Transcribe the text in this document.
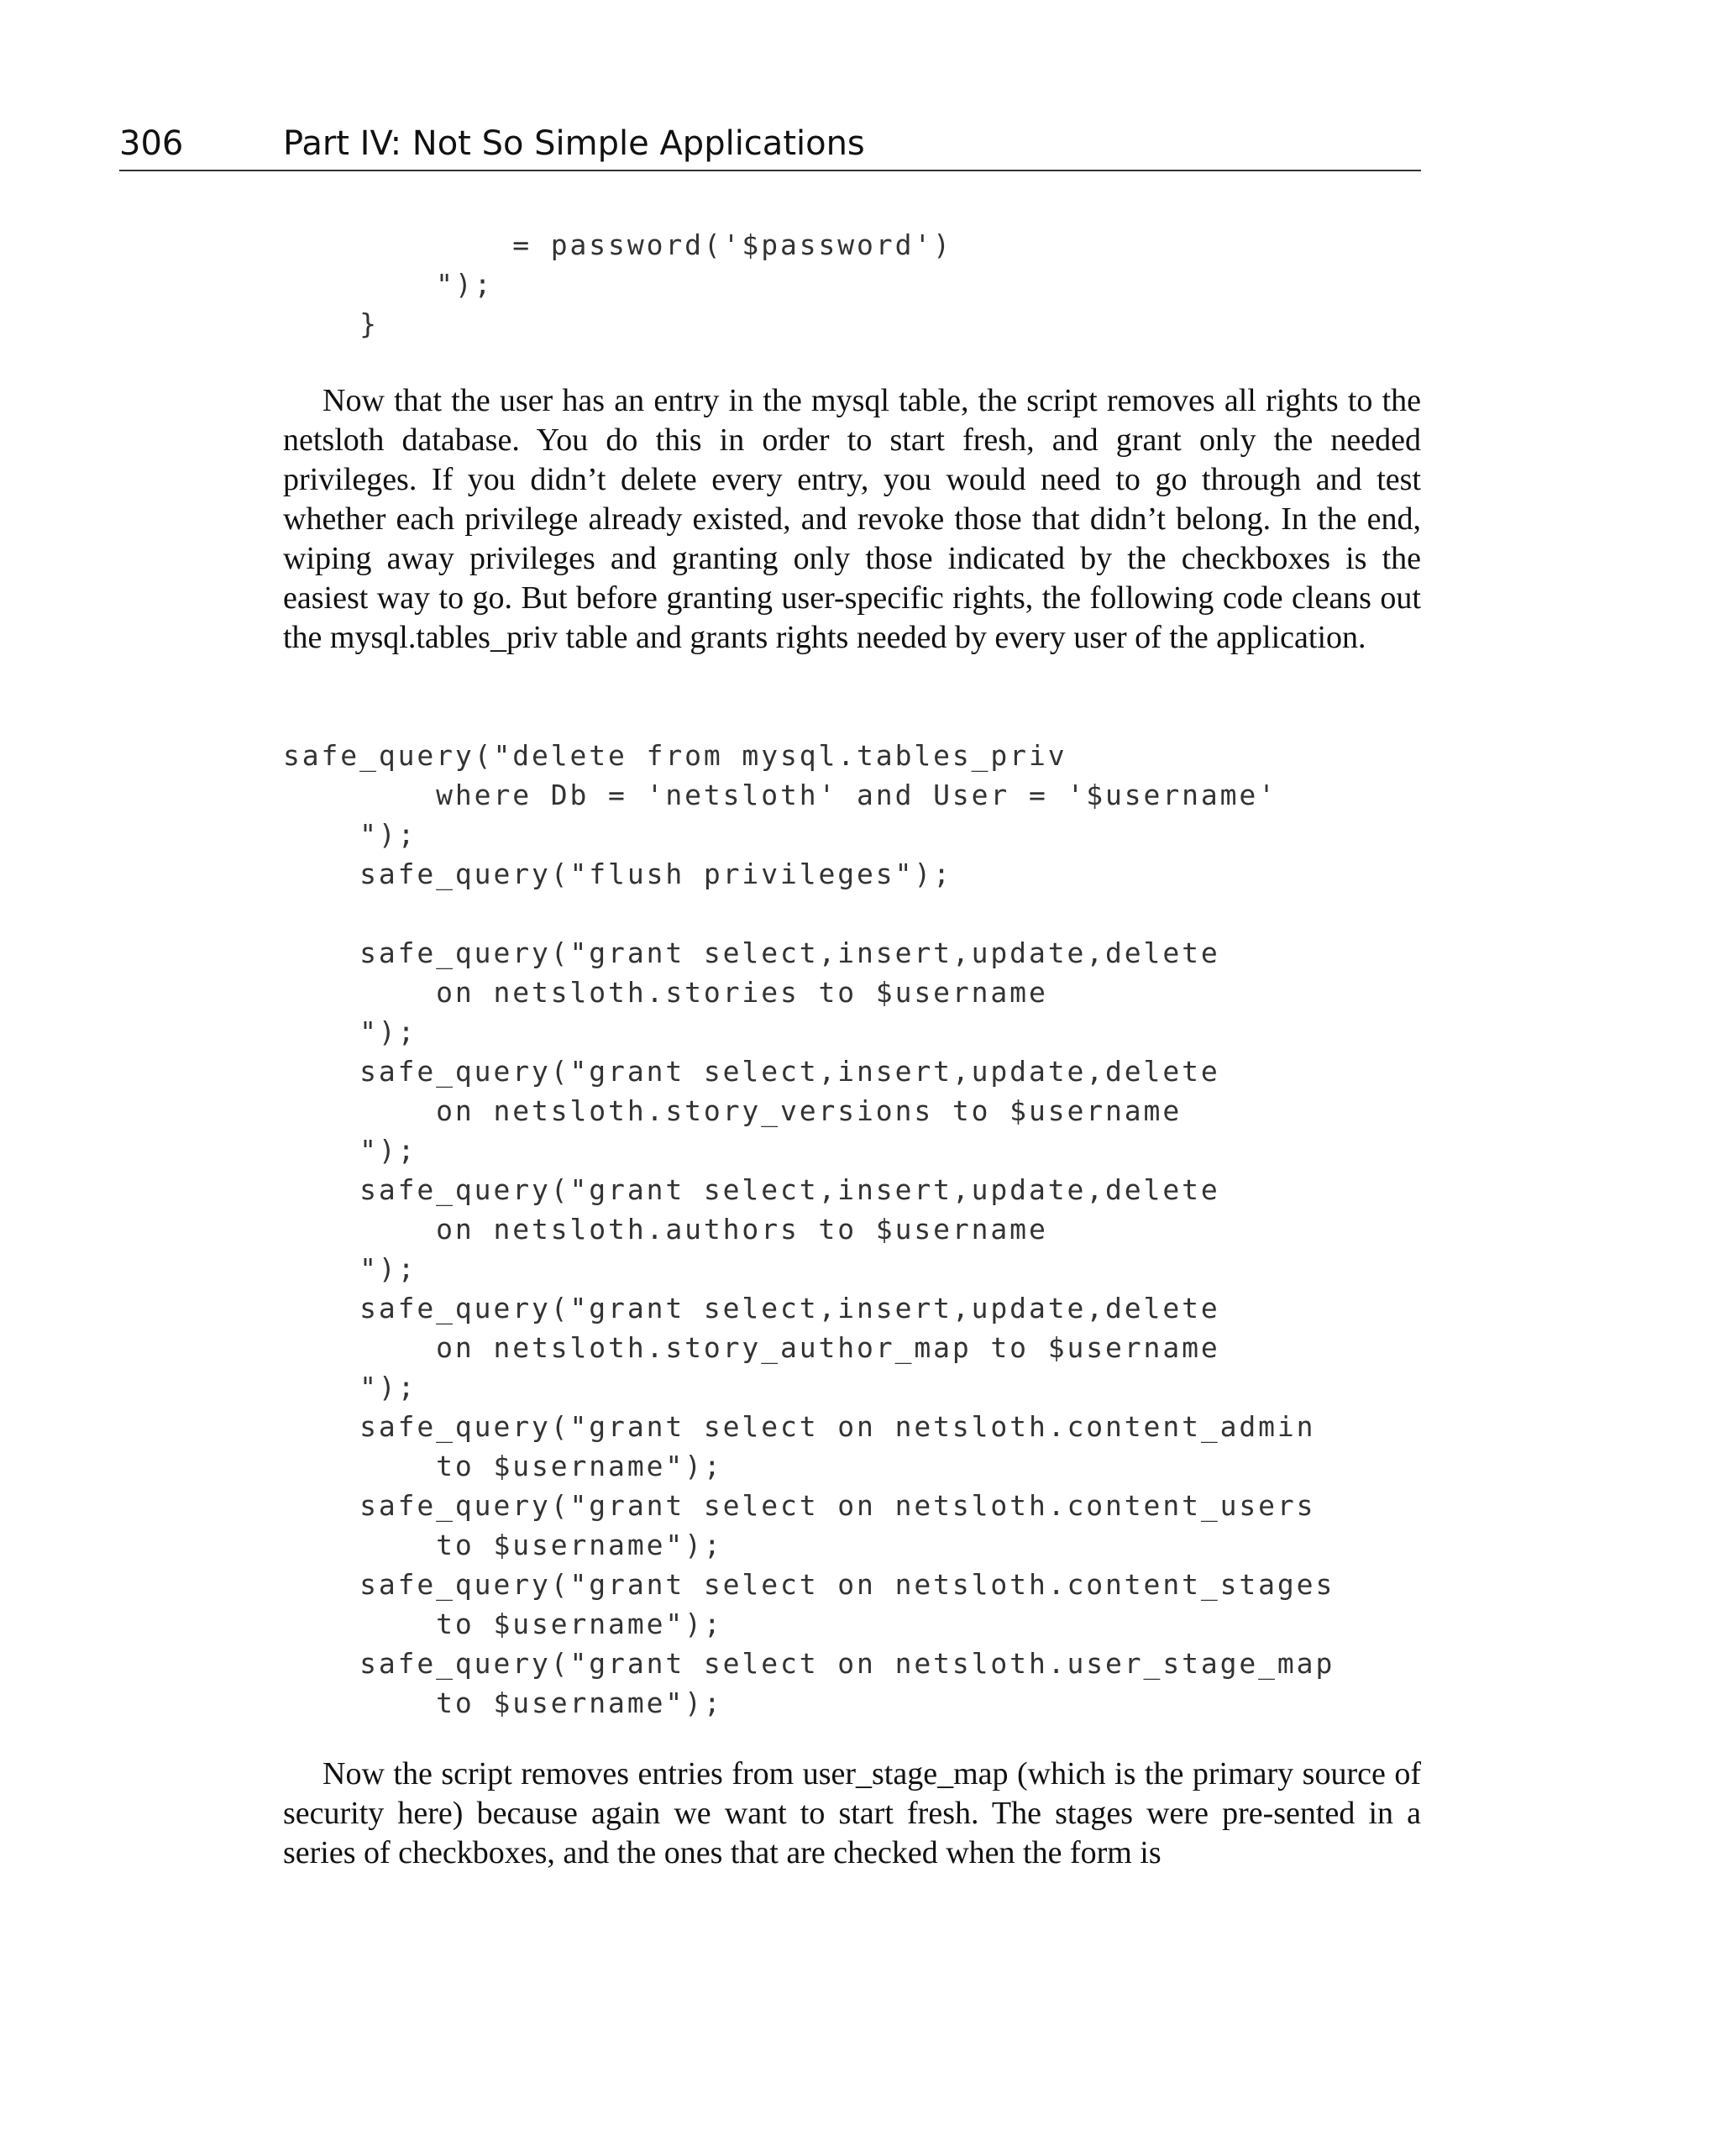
306	Part IV: Not So Simple Applications
= password('$password')
");
}

Now that the user has an entry in the mysql table, the script removes all rights to the netsloth database. You do this in order to start fresh, and grant only the needed privileges. If you didn’t delete every entry, you would need to go through and test whether each privilege already existed, and revoke those that didn’t belong. In the end, wiping away privileges and granting only those indicated by the checkboxes is the easiest way to go. But before granting user-specific rights, the following code cleans out the mysql.tables_priv table and grants rights needed by every user of the application.

safe_query("delete from mysql.tables_priv
where Db = 'netsloth' and User = '$username'
");
safe_query("flush privileges");

safe_query("grant select,insert,update,delete
on netsloth.stories to $username
");
safe_query("grant select,insert,update,delete
on netsloth.story_versions to $username
");
safe_query("grant select,insert,update,delete
on netsloth.authors to $username
");
safe_query("grant select,insert,update,delete
on netsloth.story_author_map to $username
");
safe_query("grant select on netsloth.content_admin
to $username");
safe_query("grant select on netsloth.content_users
to $username");
safe_query("grant select on netsloth.content_stages
to $username");
safe_query("grant select on netsloth.user_stage_map
to $username");

Now the script removes entries from user_stage_map (which is the primary source of security here) because again we want to start fresh. The stages were pre-sented in a series of checkboxes, and the ones that are checked when the form is
